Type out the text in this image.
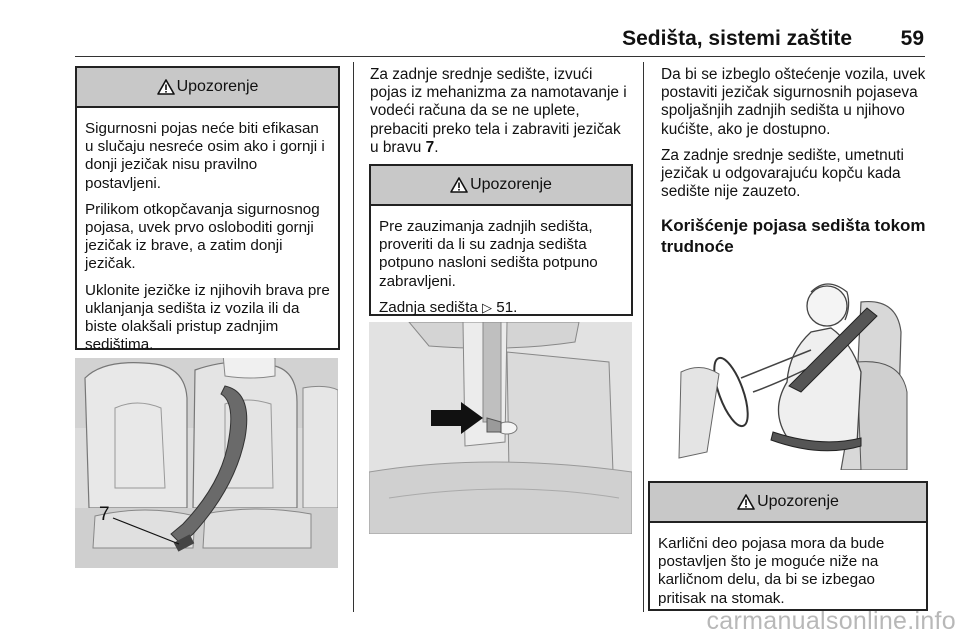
Sedišta, sistemi zaštite 59
Upozorenje

Sigurnosni pojas neće biti efikasan u slučaju nesreće osim ako i gornji i donji jezičak nisu pravilno postavljeni.

Prilikom otkopčavanja sigurnosnog pojasa, uvek prvo osloboditi gornji jezičak iz brave, a zatim donji jezičak.

Uklonite jezičke iz njihovih brava pre uklanjanja sedišta iz vozila ili da biste olakšali pristup zadnjim sedištima.

7

Za zadnje srednje sedište, izvući pojas iz mehanizma za namotavanje i vodeći računa da se ne uplete, prebaciti preko tela i zabraviti jezičak u bravu 7.

Upozorenje

Pre zauzimanja zadnjih sedišta, proveriti da li su zadnja sedišta potpuno nasloni sedišta potpuno zabravljeni.

Zadnja sedišta ▷ 51.

Da bi se izbeglo oštećenje vozila, uvek postaviti jezičak sigurnosnih pojaseva spoljašnjih zadnjih sedišta u njihovo kućište, ako je dostupno.

Za zadnje srednje sedište, umetnuti jezičak u odgovarajuću kopču kada sedište nije zauzeto.

Korišćenje pojasa sedišta tokom trudnoće

Upozorenje

Karlični deo pojasa mora da bude postavljen što je moguće niže na karličnom delu, da bi se izbegao pritisak na stomak.

carmanualsonline.info
